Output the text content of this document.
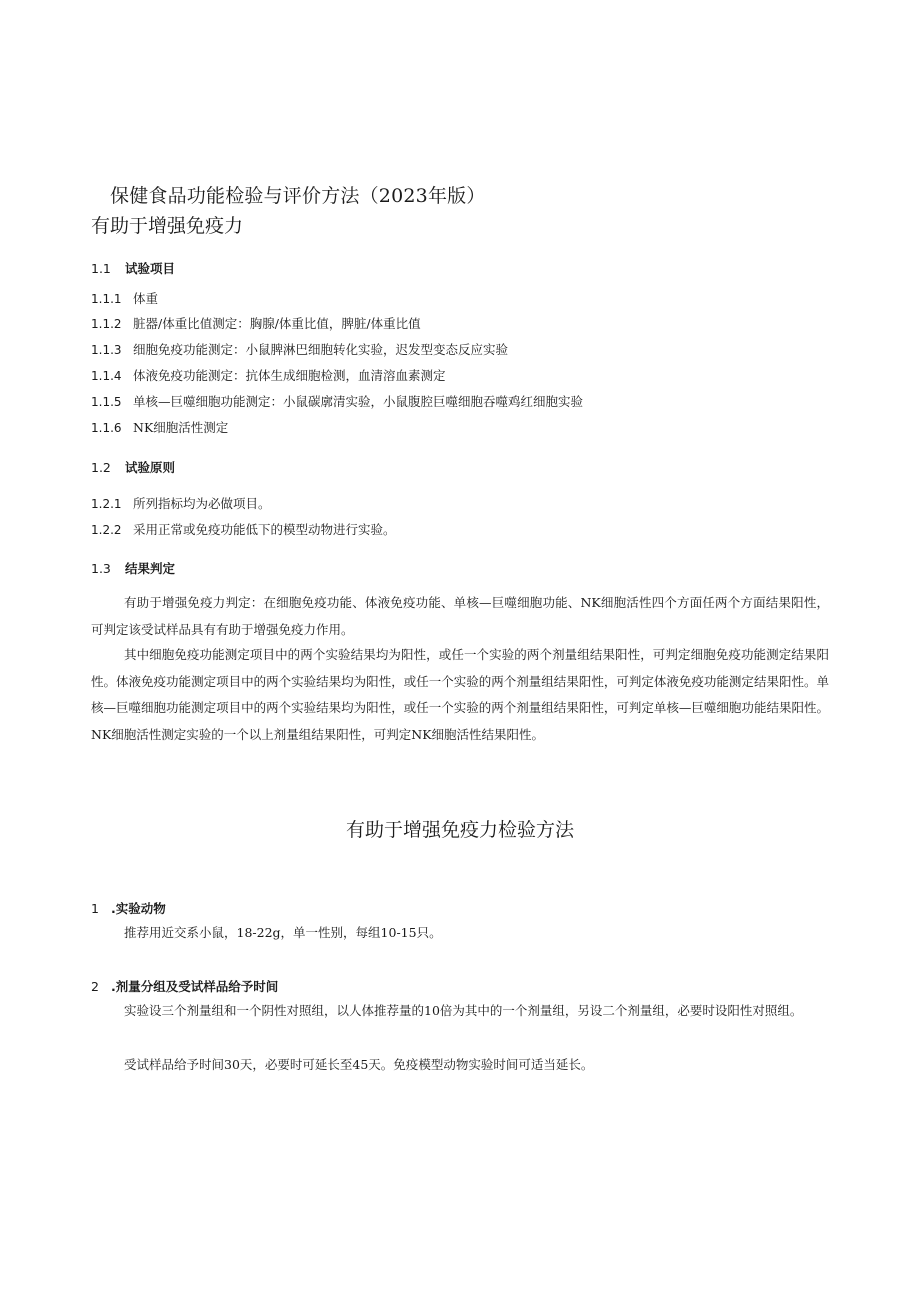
保健食品功能检验与评价方法（2023年版）
有助于增强免疫力
1.1 试验项目
1.1.1 体重
1.1.2 脏器/体重比值测定：胸腺/体重比值，脾脏/体重比值
1.1.3 细胞免疫功能测定：小鼠脾淋巴细胞转化实验，迟发型变态反应实验
1.1.4 体液免疫功能测定：抗体生成细胞检测，血清溶血素测定
1.1.5 单核—巨噬细胞功能测定：小鼠碳廓清实验，小鼠腹腔巨噬细胞吞噬鸡红细胞实验
1.1.6 NK细胞活性测定
1.2 试验原则
1.2.1 所列指标均为必做项目。
1.2.2 采用正常或免疫功能低下的模型动物进行实验。
1.3 结果判定

有助于增强免疫力判定：在细胞免疫功能、体液免疫功能、单核—巨噬细胞功能、NK细胞活性四个方面任两个方面结果阳性，可判定该受试样品具有有助于增强免疫力作用。

其中细胞免疫功能测定项目中的两个实验结果均为阳性，或任一个实验的两个剂量组结果阳性，可判定细胞免疫功能测定结果阳性。体液免疫功能测定项目中的两个实验结果均为阳性，或任一个实验的两个剂量组结果阳性，可判定体液免疫功能测定结果阳性。单核—巨噬细胞功能测定项目中的两个实验结果均为阳性，或任一个实验的两个剂量组结果阳性，可判定单核—巨噬细胞功能结果阳性。NK细胞活性测定实验的一个以上剂量组结果阳性，可判定NK细胞活性结果阳性。

有助于增强免疫力检验方法
1 .实验动物

推荐用近交系小鼠，18-22g，单一性别，每组10-15只。

2 .剂量分组及受试样品给予时间

实验设三个剂量组和一个阴性对照组，以人体推荐量的10倍为其中的一个剂量组，另设二个剂量组，必要时设阳性对照组。

受试样品给予时间30天，必要时可延长至45天。免疫模型动物实验时间可适当延长。
